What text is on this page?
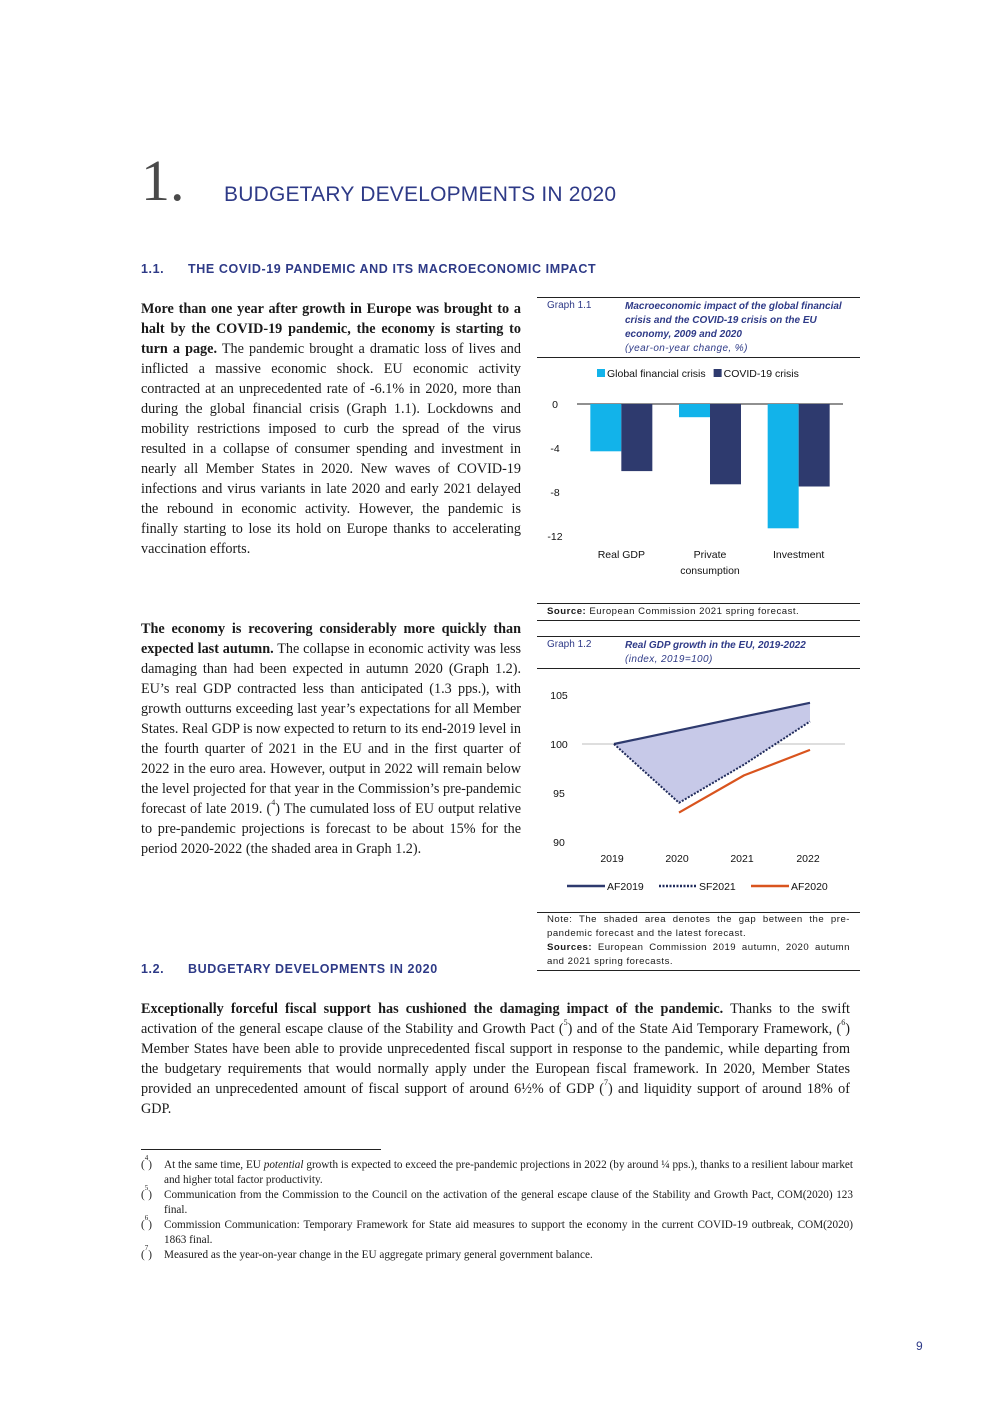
1. BUDGETARY DEVELOPMENTS IN 2020
1.1. THE COVID-19 PANDEMIC AND ITS MACROECONOMIC IMPACT
More than one year after growth in Europe was brought to a halt by the COVID-19 pandemic, the economy is starting to turn a page. The pandemic brought a dramatic loss of lives and inflicted a massive economic shock. EU economic activity contracted at an unprecedented rate of -6.1% in 2020, more than during the global financial crisis (Graph 1.1). Lockdowns and mobility restrictions imposed to curb the spread of the virus resulted in a collapse of consumer spending and investment in nearly all Member States in 2020. New waves of COVID-19 infections and virus variants in late 2020 and early 2021 delayed the rebound in economic activity. However, the pandemic is finally starting to lose its hold on Europe thanks to accelerating vaccination efforts.
The economy is recovering considerably more quickly than expected last autumn. The collapse in economic activity was less damaging than had been expected in autumn 2020 (Graph 1.2). EU’s real GDP contracted less than anticipated (1.3 pps.), with growth outturns exceeding last year’s expectations for all Member States. Real GDP is now expected to return to its end-2019 level in the fourth quarter of 2021 in the EU and in the first quarter of 2022 in the euro area. However, output in 2022 will remain below the level projected for that year in the Commission’s pre-pandemic forecast of late 2019. ($^4$) The cumulated loss of EU output relative to pre-pandemic projections is forecast to be about 15% for the period 2020-2022 (the shaded area in Graph 1.2).
1.2. BUDGETARY DEVELOPMENTS IN 2020
Exceptionally forceful fiscal support has cushioned the damaging impact of the pandemic. Thanks to the swift activation of the general escape clause of the Stability and Growth Pact ($^5$) and of the State Aid Temporary Framework, ($^6$) Member States have been able to provide unprecedented fiscal support in response to the pandemic, while departing from the budgetary requirements that would normally apply under the European fiscal framework. In 2020, Member States provided an unprecedented amount of fiscal support of around 6½% of GDP ($^7$) and liquidity support of around 18% of GDP.
Graph 1.1	Macroeconomic impact of the global financial crisis and the COVID-19 crisis on the EU economy, 2009 and 2020
(year-on-year change, %)
Global financial crisis COVID-19 crisis
0
-4
-8
-12
Real GDP	Private
consumption
Investment
Source: European Commission 2021 spring forecast.
Graph 1.2	Real GDP growth in the EU, 2019-2022
(index, 2019=100)
105
100
95
90
2019	2020	2021	2022
AF2019	SF2021	AF2020
Note: The shaded area denotes the gap between the pre-pandemic forecast and the latest forecast.
Sources: European Commission 2019 autumn, 2020 autumn and 2021 spring forecasts.
($^4$) At the same time, EU potential growth is expected to exceed the pre-pandemic projections in 2022 (by around ¼ pps.), thanks to a resilient labour market and higher total factor productivity.
($^5$) Communication from the Commission to the Council on the activation of the general escape clause of the Stability and Growth Pact, COM(2020) 123 final.
($^6$) Commission Communication: Temporary Framework for State aid measures to support the economy in the current COVID-19 outbreak, COM(2020) 1863 final.
($^7$) Measured as the year-on-year change in the EU aggregate primary general government balance.
9
